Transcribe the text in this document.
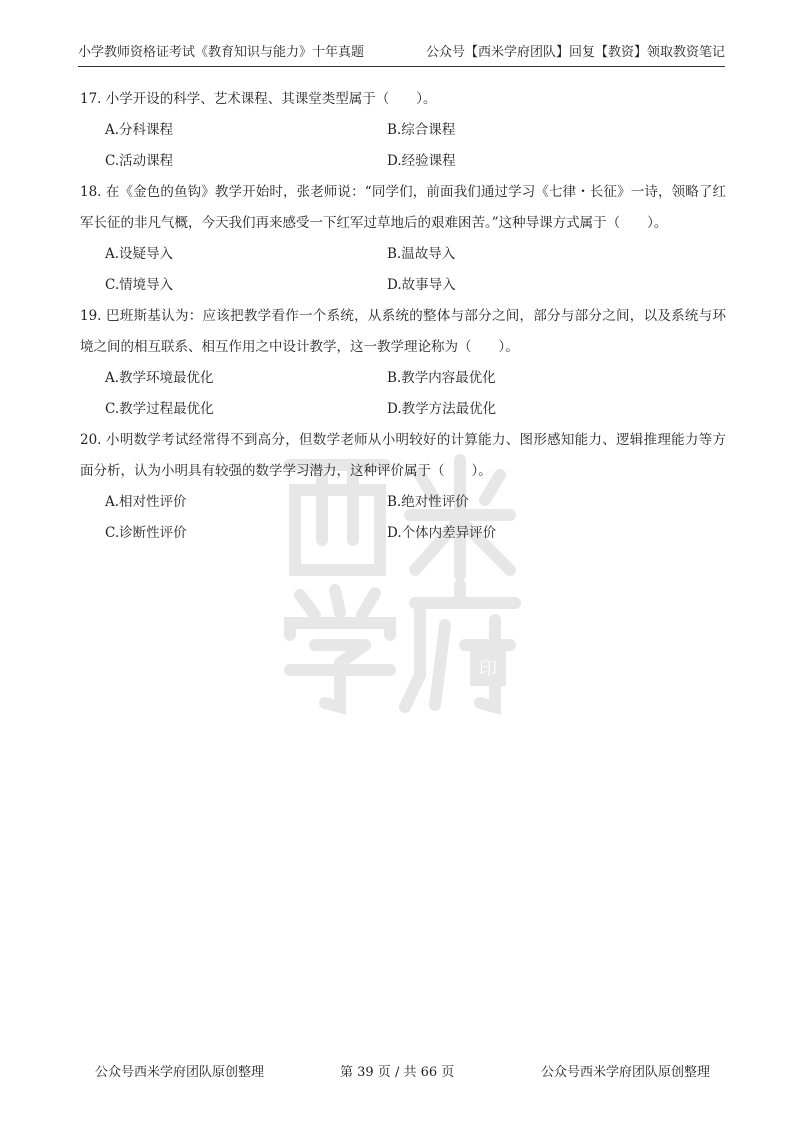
小学教师资格证考试《教育知识与能力》十年真题	公众号【西米学府团队】回复【教资】领取教资笔记
印

17. 小学开设的科学、艺术课程、其课堂类型属于（　　）。

A.分科课程	B.综合课程
C.活动课程	D.经验课程

18. 在《金色的鱼钩》教学开始时，张老师说：“同学们，前面我们通过学习《七律・长征》一诗，领略了红军长征的非凡气概，今天我们再来感受一下红军过草地后的艰难困苦。”这种导课方式属于（　　）。

A.设疑导入	B.温故导入
C.情境导入	D.故事导入

19. 巴班斯基认为：应该把教学看作一个系统，从系统的整体与部分之间，部分与部分之间，以及系统与环境之间的相互联系、相互作用之中设计教学，这一教学理论称为（　　）。

A.教学环境最优化	B.教学内容最优化
C.教学过程最优化	D.教学方法最优化

20. 小明数学考试经常得不到高分，但数学老师从小明较好的计算能力、图形感知能力、逻辑推理能力等方面分析，认为小明具有较强的数学学习潜力，这种评价属于（　　）。

A.相对性评价	B.绝对性评价
C.诊断性评价	D.个体内差异评价
公众号西米学府团队原创整理	第 39 页 / 共 66 页	公众号西米学府团队原创整理
